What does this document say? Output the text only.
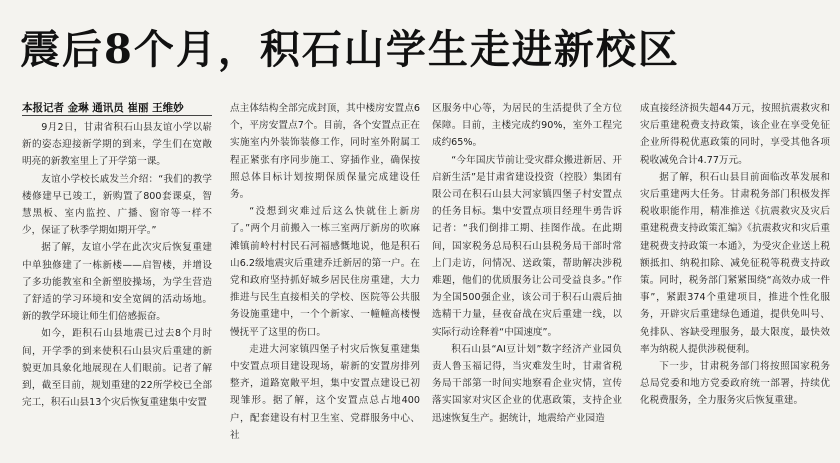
震后8个月，积石山学生走进新校区
本报记者 金琳 通讯员 崔丽 王维妙

9月2日，甘肃省积石山县友谊小学以崭新的姿态迎接新学期的到来，学生们在宽敞明亮的新教室里上了开学第一课。

友谊小学校长戚发兰介绍：“我们的教学楼修建早已竣工，新购置了800套课桌，智慧黑板、室内监控、广播、窗帘等一样不少，保证了秋季学期如期开学。”

据了解，友谊小学在此次灾后恢复重建中单独修建了一栋新楼——启智楼，并增设了多功能教室和全新塑胶操场，为学生营造了舒适的学习环境和安全宽阔的活动场地。新的教学环境让师生们倍感振奋。

如今，距积石山县地震已过去8个月时间，开学季的到来使积石山县灾后重建的新貌更加具象化地展现在人们眼前。记者了解到，截至目前，规划重建的22所学校已全部完工，积石山县13个灾后恢复重建集中安置

点主体结构全部完成封顶，其中楼房安置点6个，平房安置点7个。目前，各个安置点正在实施室内外装饰装修工作，同时室外附属工程正紧张有序同步施工、穿插作业，确保按照总体目标计划按期保质保量完成建设任务。

“没想到灾难过后这么快就住上新房了。”两个月前搬入一栋三室两厅新房的吹麻滩镇前岭村村民石河福感慨地说，他是积石山6.2级地震灾后重建乔迁新居的第一户。在党和政府坚持抓好城乡居民住房重建，大力推进与民生直接相关的学校、医院等公共服务设施重建中，一个个新家、一幢幢高楼慢慢抚平了这里的伤口。

走进大河家镇四堡子村灾后恢复重建集中安置点项目建设现场，崭新的安置房排列整齐，道路宽敞平坦，集中安置点建设已初现雏形。据了解，这个安置点总占地400户，配套建设有村卫生室、党群服务中心、社

区服务中心等，为居民的生活提供了全方位保障。目前，主楼完成约90%，室外工程完成约65%。

“今年国庆节前让受灾群众搬进新居、开启新生活”是甘肃省建设投资（控股）集团有限公司在积石山县大河家镇四堡子村安置点的任务目标。集中安置点项目经理牛勇告诉记者：“我们倒排工期、挂图作战。在此期间，国家税务总局积石山县税务局干部时常上门走访，问情况、送政策，帮助解决涉税难题，他们的优质服务让公司受益良多。”作为全国500强企业，该公司于积石山震后抽选精干力量，昼夜奋战在灾后重建一线，以实际行动诠释着“中国速度”。

积石山县“AI豆计划”数字经济产业园负责人鲁玉福记得，当灾难发生时，甘肃省税务局干部第一时间实地察看企业灾情，宣传落实国家对灾区企业的优惠政策，支持企业迅速恢复生产。据统计，地震给产业园造

成直接经济损失超44万元，按照抗震救灾和灾后重建税费支持政策，该企业在享受免征企业所得税优惠政策的同时，享受其他各项税收减免合计4.77万元。

据了解，积石山县目前面临改革发展和灾后重建两大任务。甘肃税务部门积极发挥税收职能作用，精准推送《抗震救灾及灾后重建税费支持政策汇编》《抗震救灾和灾后重建税费支持政策一本通》，为受灾企业送上税额抵扣、纳税扣除、减免征税等税费支持政策。同时，税务部门紧紧围绕“高效办成一件事”，紧跟374个重建项目，推进个性化服务，开辟灾后重建绿色通道，提供免叫号、免排队、容缺受理服务，最大限度，最快效率为纳税人提供涉税便利。

下一步，甘肃税务部门将按照国家税务总局党委和地方党委政府统一部署，持续优化税费服务，全力服务灾后恢复重建。
